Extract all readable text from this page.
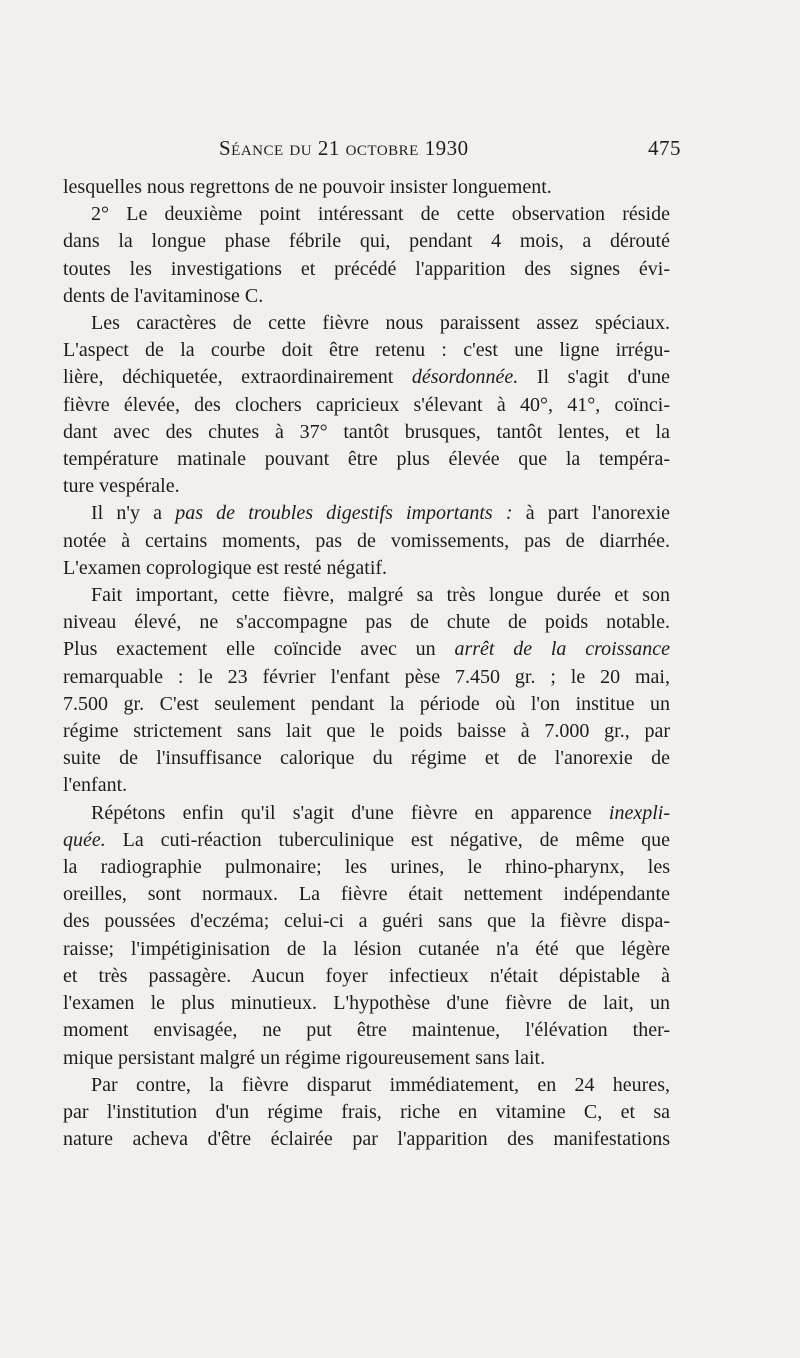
Séance du 21 octobre 1930	475

lesquelles nous regrettons de ne pouvoir insister longuement.

2° Le deuxième point intéressant de cette observation réside
dans la longue phase fébrile qui, pendant 4 mois, a dérouté
toutes les investigations et précédé l'apparition des signes évi-
dents de l'avitaminose C.

Les caractères de cette fièvre nous paraissent assez spéciaux.
L'aspect de la courbe doit être retenu : c'est une ligne irrégu-
lière, déchiquetée, extraordinairement désordonnée. Il s'agit d'une
fièvre élevée, des clochers capricieux s'élevant à 40°, 41°, coïnci-
dant avec des chutes à 37° tantôt brusques, tantôt lentes, et la
température matinale pouvant être plus élevée que la tempéra-
ture vespérale.

Il n'y a pas de troubles digestifs importants : à part l'anorexie
notée à certains moments, pas de vomissements, pas de diarrhée.
L'examen coprologique est resté négatif.

Fait important, cette fièvre, malgré sa très longue durée et son
niveau élevé, ne s'accompagne pas de chute de poids notable.
Plus exactement elle coïncide avec un arrêt de la croissance
remarquable : le 23 février l'enfant pèse 7.450 gr. ; le 20 mai,
7.500 gr. C'est seulement pendant la période où l'on institue un
régime strictement sans lait que le poids baisse à 7.000 gr., par
suite de l'insuffisance calorique du régime et de l'anorexie de
l'enfant.

Répétons enfin qu'il s'agit d'une fièvre en apparence inexpli-
quée. La cuti-réaction tuberculinique est négative, de même que
la radiographie pulmonaire; les urines, le rhino-pharynx, les
oreilles, sont normaux. La fièvre était nettement indépendante
des poussées d'eczéma; celui-ci a guéri sans que la fièvre dispa-
raisse; l'impétiginisation de la lésion cutanée n'a été que légère
et très passagère. Aucun foyer infectieux n'était dépistable à
l'examen le plus minutieux. L'hypothèse d'une fièvre de lait, un
moment envisagée, ne put être maintenue, l'élévation ther-
mique persistant malgré un régime rigoureusement sans lait.

Par contre, la fièvre disparut immédiatement, en 24 heures,
par l'institution d'un régime frais, riche en vitamine C, et sa
nature acheva d'être éclairée par l'apparition des manifestations
